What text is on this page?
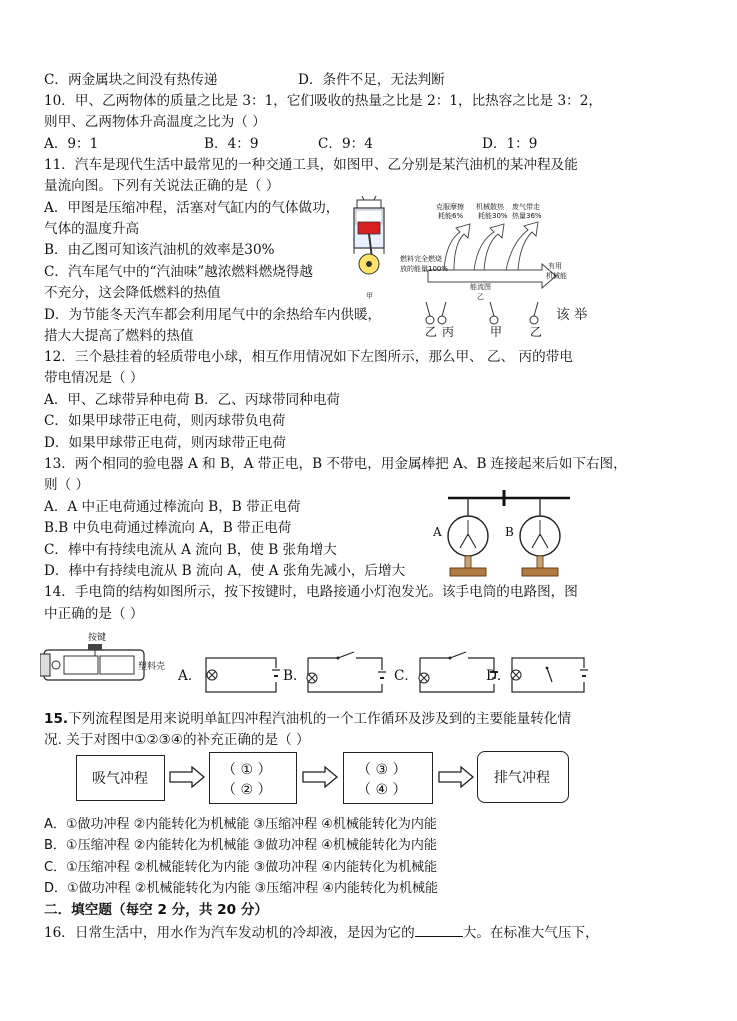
C．两金属块之间没有热传递	D．条件不足，无法判断
10．甲、乙两物体的质量之比是 3：1，它们吸收的热量之比是 2：1，比热容之比是 3：2，
则甲、乙两物体升高温度之比为（ ）
A．9：1	B．4：9	C．9：4	D．1：9
11．汽车是现代生活中最常见的一种交通工具，如图甲、乙分别是某汽油机的某冲程及能
量流向图。下列有关说法正确的是（ ）
A．甲图是压缩冲程，活塞对气缸内的气体做功，
气体的温度升高
B．由乙图可知该汽油机的效率是30%
C．汽车尾气中的“汽油味”越浓燃料燃烧得越
不充分，这会降低燃料的热值
D．为节能冬天汽车都会利用尾气中的余热给车内供暖，	该 举
措大大提高了燃料的热值
甲
克服摩擦
耗能6%
机械散热
耗能30%
废气带走
热量36%
燃料完全燃烧
放的能量100%	有用
机械能
能流图
乙
乙 丙	甲 乙
12．三个悬挂着的轻质带电小球，相互作用情况如下左图所示，那么甲、 乙、 丙的带电
带电情况是（ ）
A．甲、乙球带异种电荷 B．乙、丙球带同种电荷
C．如果甲球带正电荷，则丙球带负电荷
D．如果甲球带正电荷，则丙球带正电荷
13．两个相同的验电器 A 和 B，A 带正电，B 不带电，用金属棒把 A、B 连接起来后如下右图，
则（ ）
A．A 中正电荷通过棒流向 B，B 带正电荷
B.B 中负电荷通过棒流向 A，B 带正电荷
C．棒中有持续电流从 A 流向 B，使 B 张角增大
D．棒中有持续电流从 B 流向 A，使 A 张角先减小，后增大
A	B
14．手电筒的结构如图所示，按下按键时，电路接通小灯泡发光。该手电筒的电路图，图
中正确的是（ ）
按键
塑料壳
A．	B．	C．	D．
15.下列流程图是用来说明单缸四冲程汽油机的一个工作循环及涉及到的主要能量转化情
况. 关于对图中①②③④的补充正确的是（ ）
吸气冲程
（ ① ）
（ ② ）
（ ③ ）
（ ④ ）
排气冲程
A．①做功冲程 ②内能转化为机械能 ③压缩冲程 ④机械能转化为内能
B．①压缩冲程 ②内能转化为机械能 ③做功冲程 ④机械能转化为内能
C．①压缩冲程 ②机械能转化为内能 ③做功冲程 ④内能转化为机械能
D．①做功冲程 ②机械能转化为内能 ③压缩冲程 ④内能转化为机械能
二．填空题（每空 2 分，共 20 分）
16．日常生活中，用水作为汽车发动机的冷却液，是因为它的	大。在标准大气压下，
